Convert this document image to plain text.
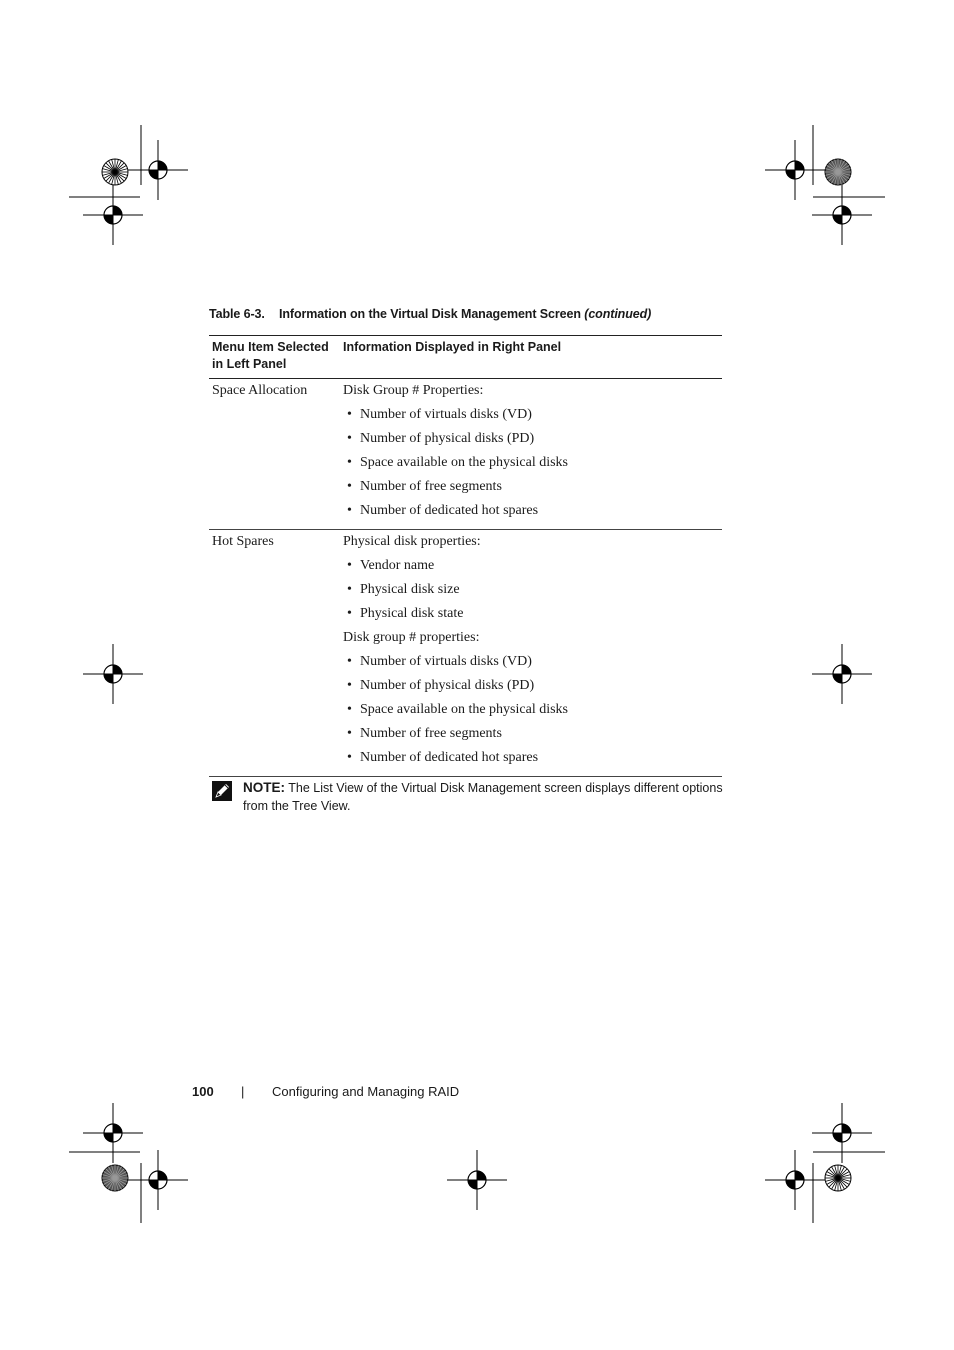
Table 6-3. Information on the Virtual Disk Management Screen (continued)
Menu Item Selected in Left Panel
Information Displayed in Right Panel
Space Allocation	Disk Group # Properties:
• Number of virtuals disks (VD)
• Number of physical disks (PD)
• Space available on the physical disks
• Number of free segments
• Number of dedicated hot spares
Hot Spares	Physical disk properties:
• Vendor name
• Physical disk size
• Physical disk state
Disk group # properties:
• Number of virtuals disks (VD)
• Number of physical disks (PD)
• Space available on the physical disks
• Number of free segments
• Number of dedicated hot spares
NOTE: The List View of the Virtual Disk Management screen displays different options from the Tree View.
100 | Configuring and Managing RAID
